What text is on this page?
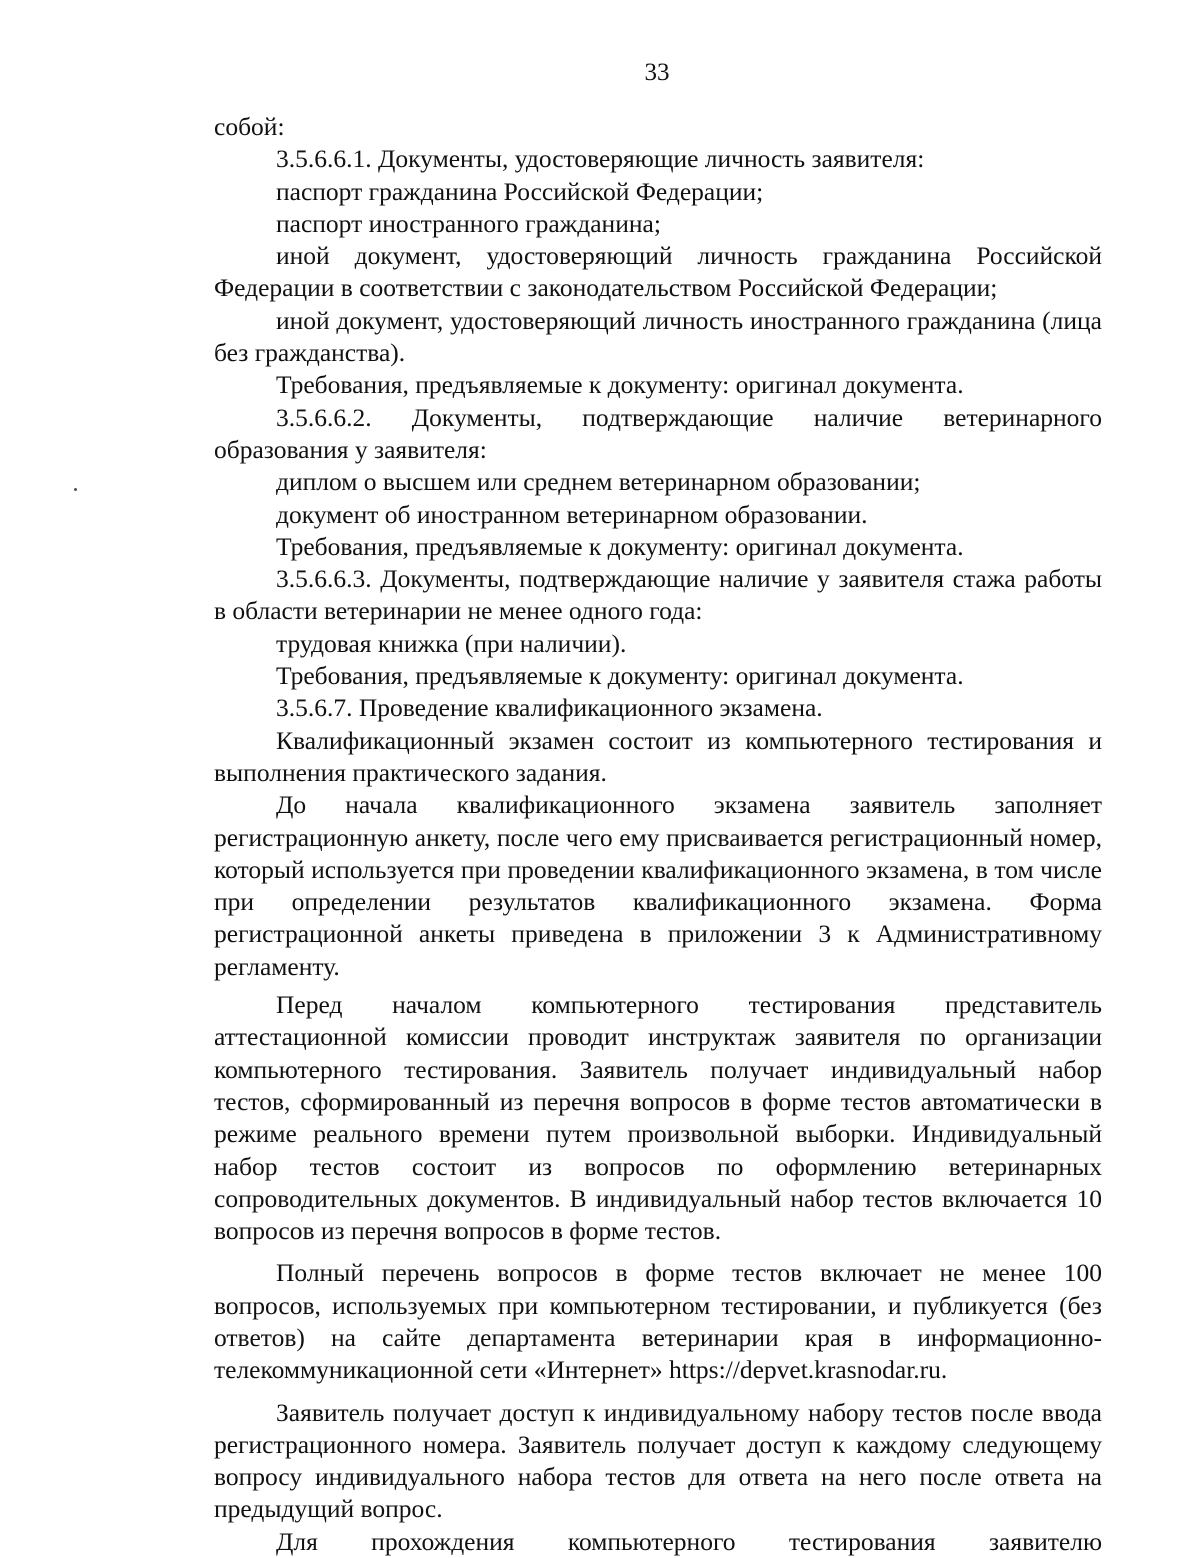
33

собой:

3.5.6.6.1. Документы, удостоверяющие личность заявителя:

паспорт гражданина Российской Федерации;

паспорт иностранного гражданина;

иной документ, удостоверяющий личность гражданина Российской Федерации в соответствии с законодательством Российской Федерации;

иной документ, удостоверяющий личность иностранного гражданина (лица без гражданства).

Требования, предъявляемые к документу: оригинал документа.

3.5.6.6.2. Документы, подтверждающие наличие ветеринарного образования у заявителя:

диплом о высшем или среднем ветеринарном образовании;

документ об иностранном ветеринарном образовании.

Требования, предъявляемые к документу: оригинал документа.

3.5.6.6.3. Документы, подтверждающие наличие у заявителя стажа работы в области ветеринарии не менее одного года:

трудовая книжка (при наличии).

Требования, предъявляемые к документу: оригинал документа.

3.5.6.7. Проведение квалификационного экзамена.

Квалификационный экзамен состоит из компьютерного тестирования и выполнения практического задания.

До начала квалификационного экзамена заявитель заполняет регистрационную анкету, после чего ему присваивается регистрационный номер, который используется при проведении квалификационного экзамена, в том числе при определении результатов квалификационного экзамена. Форма регистрационной анкеты приведена в приложении 3 к Административному регламенту.

Перед началом компьютерного тестирования представитель аттестационной комиссии проводит инструктаж заявителя по организации компьютерного тестирования. Заявитель получает индивидуальный набор тестов, сформированный из перечня вопросов в форме тестов автоматически в режиме реального времени путем произвольной выборки. Индивидуальный набор тестов состоит из вопросов по оформлению ветеринарных сопроводительных документов. В индивидуальный набор тестов включается 10 вопросов из перечня вопросов в форме тестов.

Полный перечень вопросов в форме тестов включает не менее 100 вопросов, используемых при компьютерном тестировании, и публикуется (без ответов) на сайте департамента ветеринарии края в информационно-телекоммуникационной сети «Интернет» https://depvet.krasnodar.ru.

Заявитель получает доступ к индивидуальному набору тестов после ввода регистрационного номера. Заявитель получает доступ к каждому следующему вопросу индивидуального набора тестов для ответа на него после ответа на предыдущий вопрос.

Для прохождения компьютерного тестирования заявителю
